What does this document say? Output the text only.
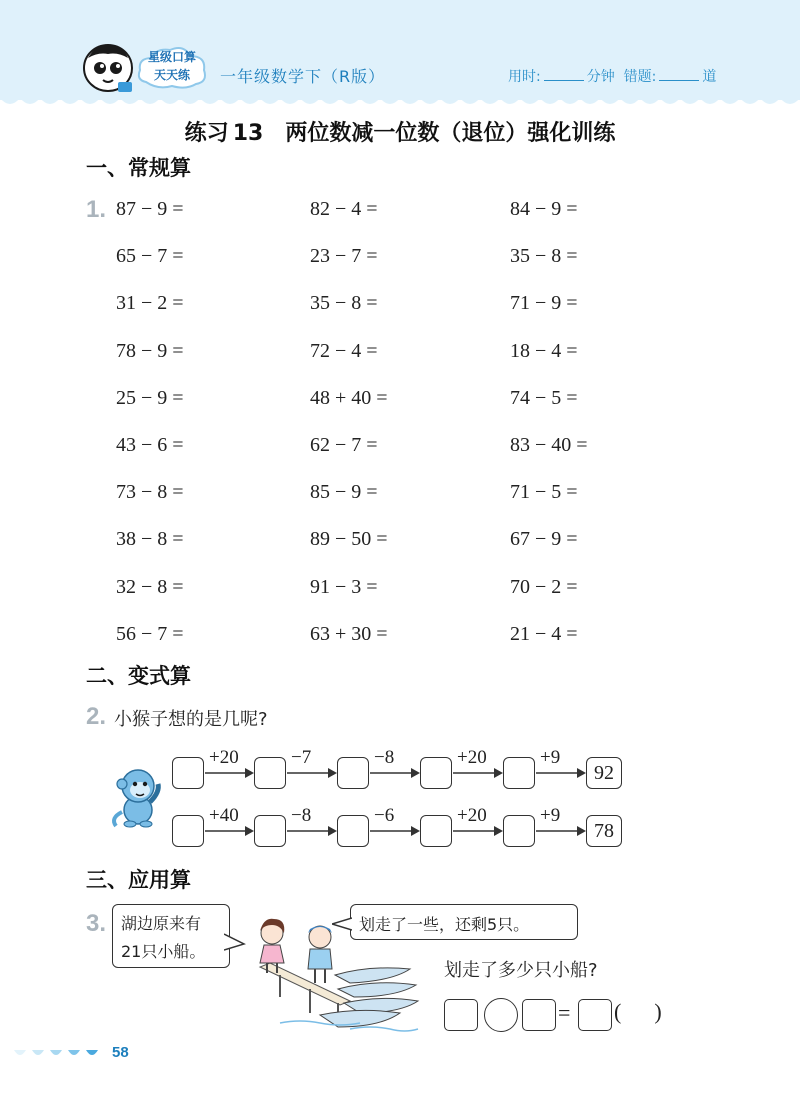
星级口算
天天练	一年级数学下（R版）	用时:	分钟 错题:	道
练习 13 两位数减一位数（退位）强化训练
一、常规算
1. 87 − 9 =	82 − 4 =	84 − 9 =
65 − 7 =	23 − 7 =	35 − 8 =
31 − 2 =	35 − 8 =	71 − 9 =
78 − 9 =	72 − 4 =	18 − 4 =
25 − 9 =	48 + 40 =	74 − 5 =
43 − 6 =	62 − 7 =	83 − 40 =
73 − 8 =	85 − 9 =	71 − 5 =
38 − 8 =	89 − 50 =	67 − 9 =
32 − 8 =	91 − 3 =	70 − 2 =
56 − 7 =	63 + 30 =	21 − 4 =
二、变式算
2. 小猴子想的是几呢?
+20	−7	−8	+20	+9
92
+40	−8	−6	+20	+9
78
三、应用算
3. 湖边原来有
21只小船。
划走了一些，还剩5只。
划走了多少只小船?
= (      )
58
